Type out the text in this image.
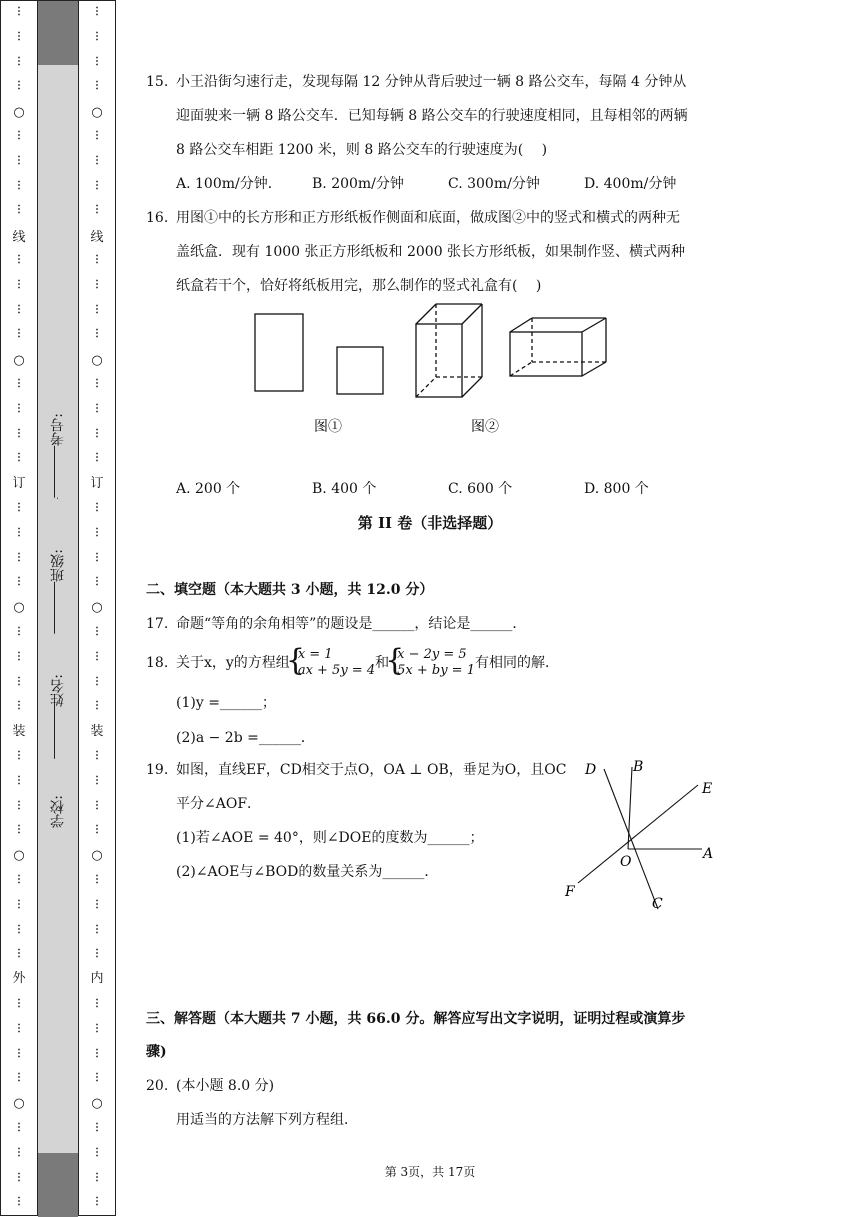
⋮
⋮
⋮
⋮
⋮
⋮
⋮
⋮
⋮
⋮
⋮
⋮
⋮
⋮
⋮
⋮
⋮
⋮
⋮
⋮
⋮
⋮
⋮
⋮
⋮
⋮
⋮
⋮
⋮
⋮
⋮
⋮
⋮
⋮
⋮
⋮
⋮
⋮
⋮
⋮
○
○
○
○
○
线
订
装
外
考号:
班级:
姓名:
学校:
⋮
⋮
⋮
⋮
⋮
⋮
⋮
⋮
⋮
⋮
⋮
⋮
⋮
⋮
⋮
⋮
⋮
⋮
⋮
⋮
⋮
⋮
⋮
⋮
⋮
⋮
⋮
⋮
⋮
⋮
⋮
⋮
⋮
⋮
⋮
⋮
⋮
⋮
⋮
⋮
○
○
○
○
○
线
订
装
内
15. 小王沿街匀速行走，发现每隔 12 分钟从背后驶过一辆 8 路公交车，每隔 4 分钟从
迎面驶来一辆 8 路公交车．已知每辆 8 路公交车的行驶速度相同，且每相邻的两辆
8 路公交车相距 1200 米，则 8 路公交车的行驶速度为(　 )
A. 100m/分钟． B. 200m/分钟	C. 300m/分钟	D. 400m/分钟
16. 用图①中的长方形和正方形纸板作侧面和底面，做成图②中的竖式和横式的两种无
盖纸盒．现有 1000 张正方形纸板和 2000 张长方形纸板，如果制作竖、横式两种
纸盒若干个，恰好将纸板用完，那么制作的竖式礼盒有(　 )
图①	图②
A. 200 个	B. 400 个	C. 600 个	D. 800 个
第 II 卷（非选择题）
二、填空题（本大题共 3 小题，共 12.0 分）
17. 命题“等角的余角相等”的题设是______，结论是______．
18. 关于x，y的方程组{ x = 1
ax + 5y = 4和{ x − 2y = 5
5x + by = 1有相同的解．
(1)y =______；
(2)a − 2b =______．
19. 如图，直线EF，CD相交于点O，OA ⊥ OB，垂足为O，且OC
平分∠AOF．
(1)若∠AOE = 40°，则∠DOE的度数为______；
(2)∠AOE与∠BOD的数量关系为______．
D	B
E
A
O
F
C
三、解答题（本大题共 7 小题，共 66.0 分。解答应写出文字说明，证明过程或演算步
骤)
20. (本小题 8.0 分)
用适当的方法解下列方程组．
第 3页，共 17页
